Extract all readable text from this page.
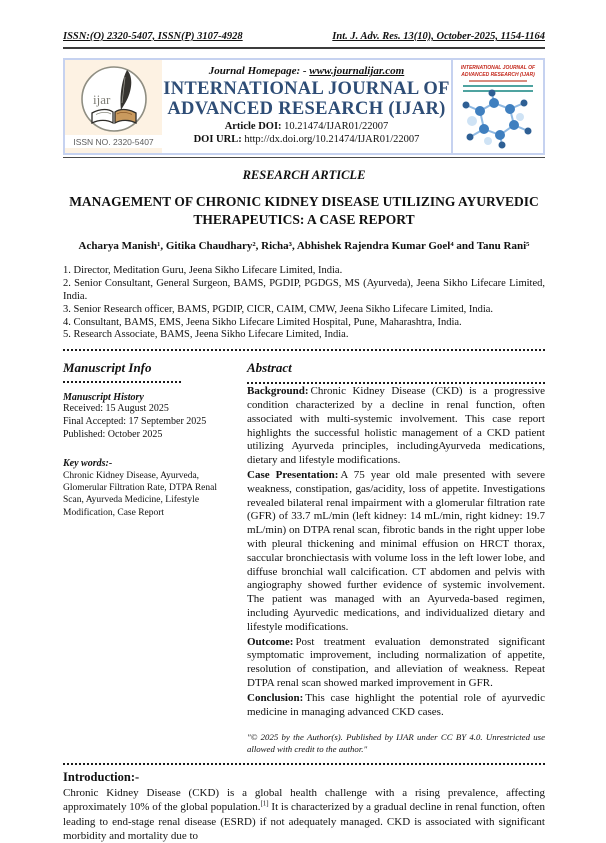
ISSN:(O) 2320-5407, ISSN(P) 3107-4928	Int. J. Adv. Res. 13(10), October-2025, 1154-1164
ijar
ISSN NO. 2320-5407
Journal Homepage: - www.journalijar.com
INTERNATIONAL JOURNAL OF
ADVANCED RESEARCH (IJAR)
Article DOI: 10.21474/IJAR01/22007
DOI URL: http://dx.doi.org/10.21474/IJAR01/22007
INTERNATIONAL JOURNAL OF
ADVANCED RESEARCH (IJAR)
RESEARCH ARTICLE
MANAGEMENT OF CHRONIC KIDNEY DISEASE UTILIZING AYURVEDIC
THERAPEUTICS: A CASE REPORT
Acharya Manish¹, Gitika Chaudhary², Richa³, Abhishek Rajendra Kumar Goel⁴ and Tanu Rani⁵
1. Director, Meditation Guru, Jeena Sikho Lifecare Limited, India.
2. Senior Consultant, General Surgeon, BAMS, PGDIP, PGDGS, MS (Ayurveda), Jeena Sikho Lifecare Limited, India.
3. Senior Research officer, BAMS, PGDIP, CICR, CAIM, CMW, Jeena Sikho Lifecare Limited, India.
4. Consultant, BAMS, EMS, Jeena Sikho Lifecare Limited Hospital, Pune, Maharashtra, India.
5. Research Associate, BAMS, Jeena Sikho Lifecare Limited, India.
Manuscript Info
Manuscript History
Received: 15 August 2025
Final Accepted: 17 September 2025
Published: October 2025
Key words:-
Chronic Kidney Disease, Ayurveda, Glomerular Filtration Rate, DTPA Renal Scan, Ayurveda Medicine, Lifestyle Modification, Case Report
Abstract

Background: Chronic Kidney Disease (CKD) is a progressive condition characterized by a decline in renal function, often associated with multi-systemic involvement. This case report highlights the successful holistic management of a CKD patient utilizing Ayurveda principles, includingAyurveda medications, dietary and lifestyle modifications.

Case Presentation: A 75 year old male presented with severe weakness, constipation, gas/acidity, loss of appetite. Investigations revealed bilateral renal impairment with a glomerular filtration rate (GFR) of 33.7 mL/min (left kidney: 14 mL/min, right kidney: 19.7 mL/min) on DTPA renal scan, fibrotic bands in the right upper lobe with pleural thickening and minimal effusion on HRCT thorax, saccular bronchiectasis with volume loss in the left lower lobe, and diffuse bronchial wall calcification. CT abdomen and pelvis with angiography showed further evidence of systemic involvement. The patient was managed with an Ayurveda-based regimen, including Ayurvedic medications, and individualized dietary and lifestyle modifications.

Outcome: Post treatment evaluation demonstrated significant symptomatic improvement, including normalization of appetite, resolution of constipation, and alleviation of weakness. Repeat DTPA renal scan showed marked improvement in GFR.

Conclusion: This case highlight the potential role of ayurvedic medicine in managing advanced CKD cases.

"© 2025 by the Author(s). Published by IJAR under CC BY 4.0. Unrestricted use allowed with credit to the author."
Introduction:-

Chronic Kidney Disease (CKD) is a global health challenge with a rising prevalence, affecting approximately 10% of the global population.[1] It is characterized by a gradual decline in renal function, often leading to end-stage renal disease (ESRD) if not adequately managed. CKD is associated with significant morbidity and mortality due to
